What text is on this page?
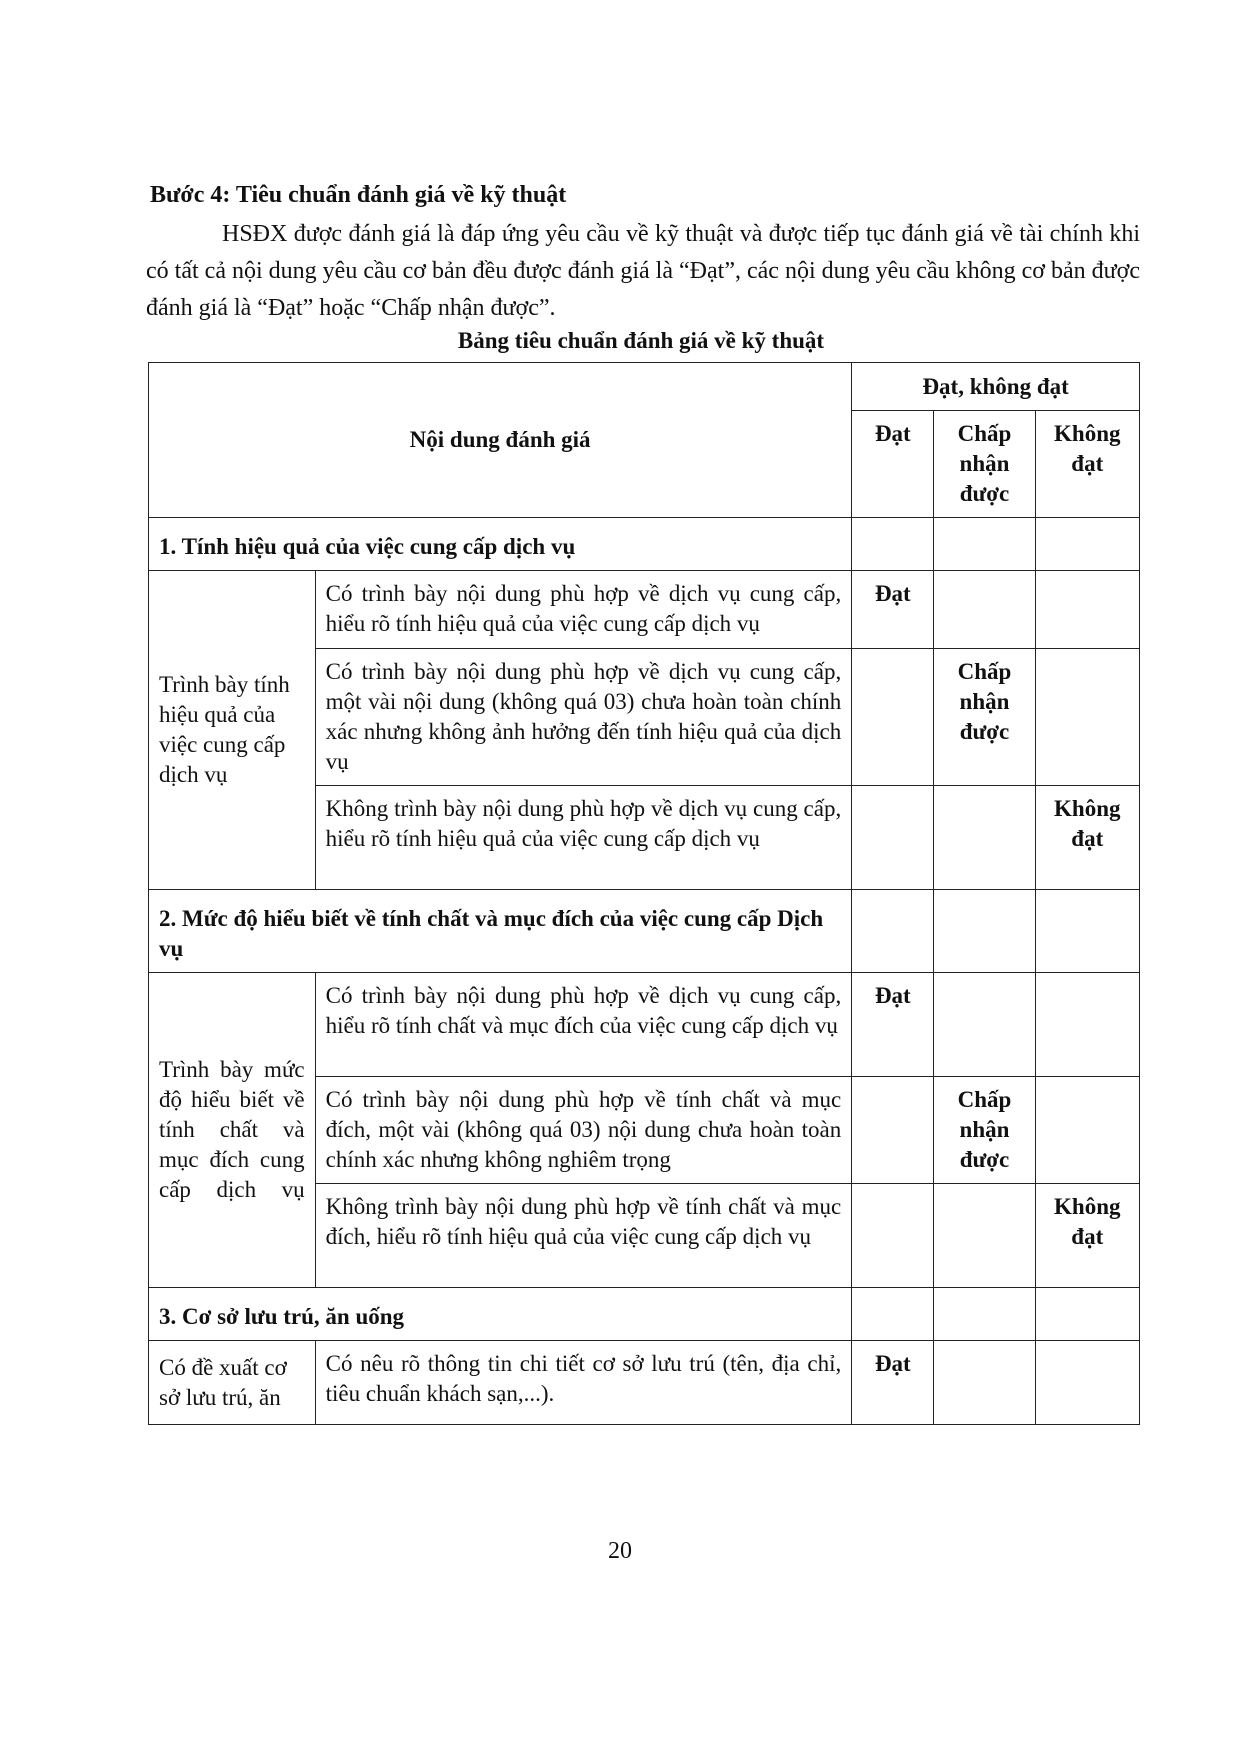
Bước 4: Tiêu chuẩn đánh giá về kỹ thuật

HSĐX được đánh giá là đáp ứng yêu cầu về kỹ thuật và được tiếp tục đánh giá về tài chính khi có tất cả nội dung yêu cầu cơ bản đều được đánh giá là “Đạt”, các nội dung yêu cầu không cơ bản được đánh giá là “Đạt” hoặc “Chấp nhận được”.

Bảng tiêu chuẩn đánh giá về kỹ thuật
Nội dung đánh giá		Đạt, không đạt		
		Đạt	Chấp nhận được	Không đạt
1. Tính hiệu quả của việc cung cấp dịch vụ				
Trình bày tính hiệu quả của việc cung cấp dịch vụ	Có trình bày nội dung phù hợp về dịch vụ cung cấp, hiểu rõ tính hiệu quả của việc cung cấp dịch vụ	Đạt		
	Có trình bày nội dung phù hợp về dịch vụ cung cấp, một vài nội dung (không quá 03) chưa hoàn toàn chính xác nhưng không ảnh hưởng đến tính hiệu quả của dịch vụ		Chấp nhận được	
	Không trình bày nội dung phù hợp về dịch vụ cung cấp, hiểu rõ tính hiệu quả của việc cung cấp dịch vụ			Không đạt
2. Mức độ hiểu biết về tính chất và mục đích của việc cung cấp Dịch vụ				
Trình bày mức độ hiểu biết về tính chất và mục đích cung cấp dịch vụ	Có trình bày nội dung phù hợp về dịch vụ cung cấp, hiểu rõ tính chất và mục đích của việc cung cấp dịch vụ	Đạt		
	Có trình bày nội dung phù hợp về tính chất và mục đích, một vài (không quá 03) nội dung chưa hoàn toàn chính xác nhưng không nghiêm trọng		Chấp nhận được	
	Không trình bày nội dung phù hợp về tính chất và mục đích, hiểu rõ tính hiệu quả của việc cung cấp dịch vụ			Không đạt
3. Cơ sở lưu trú, ăn uống				
Có đề xuất cơ sở lưu trú, ăn	Có nêu rõ thông tin chi tiết cơ sở lưu trú (tên, địa chỉ, tiêu chuẩn khách sạn,...).	Đạt		
20
